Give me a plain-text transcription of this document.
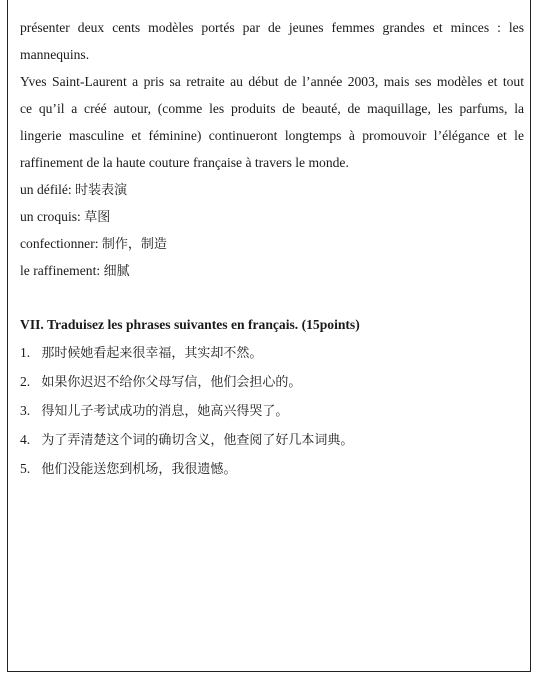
présenter deux cents modèles portés par de jeunes femmes grandes et minces : les
mannequins.
Yves Saint-Laurent a pris sa retraite au début de l’année 2003, mais ses modèles et tout
ce qu’il a créé autour, (comme les produits de beauté, de maquillage, les parfums, la
lingerie masculine et féminine) continueront longtemps à promouvoir l’élégance et le
raffinement de la haute couture française à travers le monde.
un défilé: 时装表演
un croquis: 草图
confectionner: 制作，制造
le raffinement: 细腻
VII. Traduisez les phrases suivantes en français. (15points)
1. 那时候她看起来很幸福，其实却不然。
2. 如果你迟迟不给你父母写信，他们会担心的。
3. 得知儿子考试成功的消息，她高兴得哭了。
4. 为了弄清楚这个词的确切含义，他查阅了好几本词典。
5. 他们没能送您到机场，我很遗憾。
